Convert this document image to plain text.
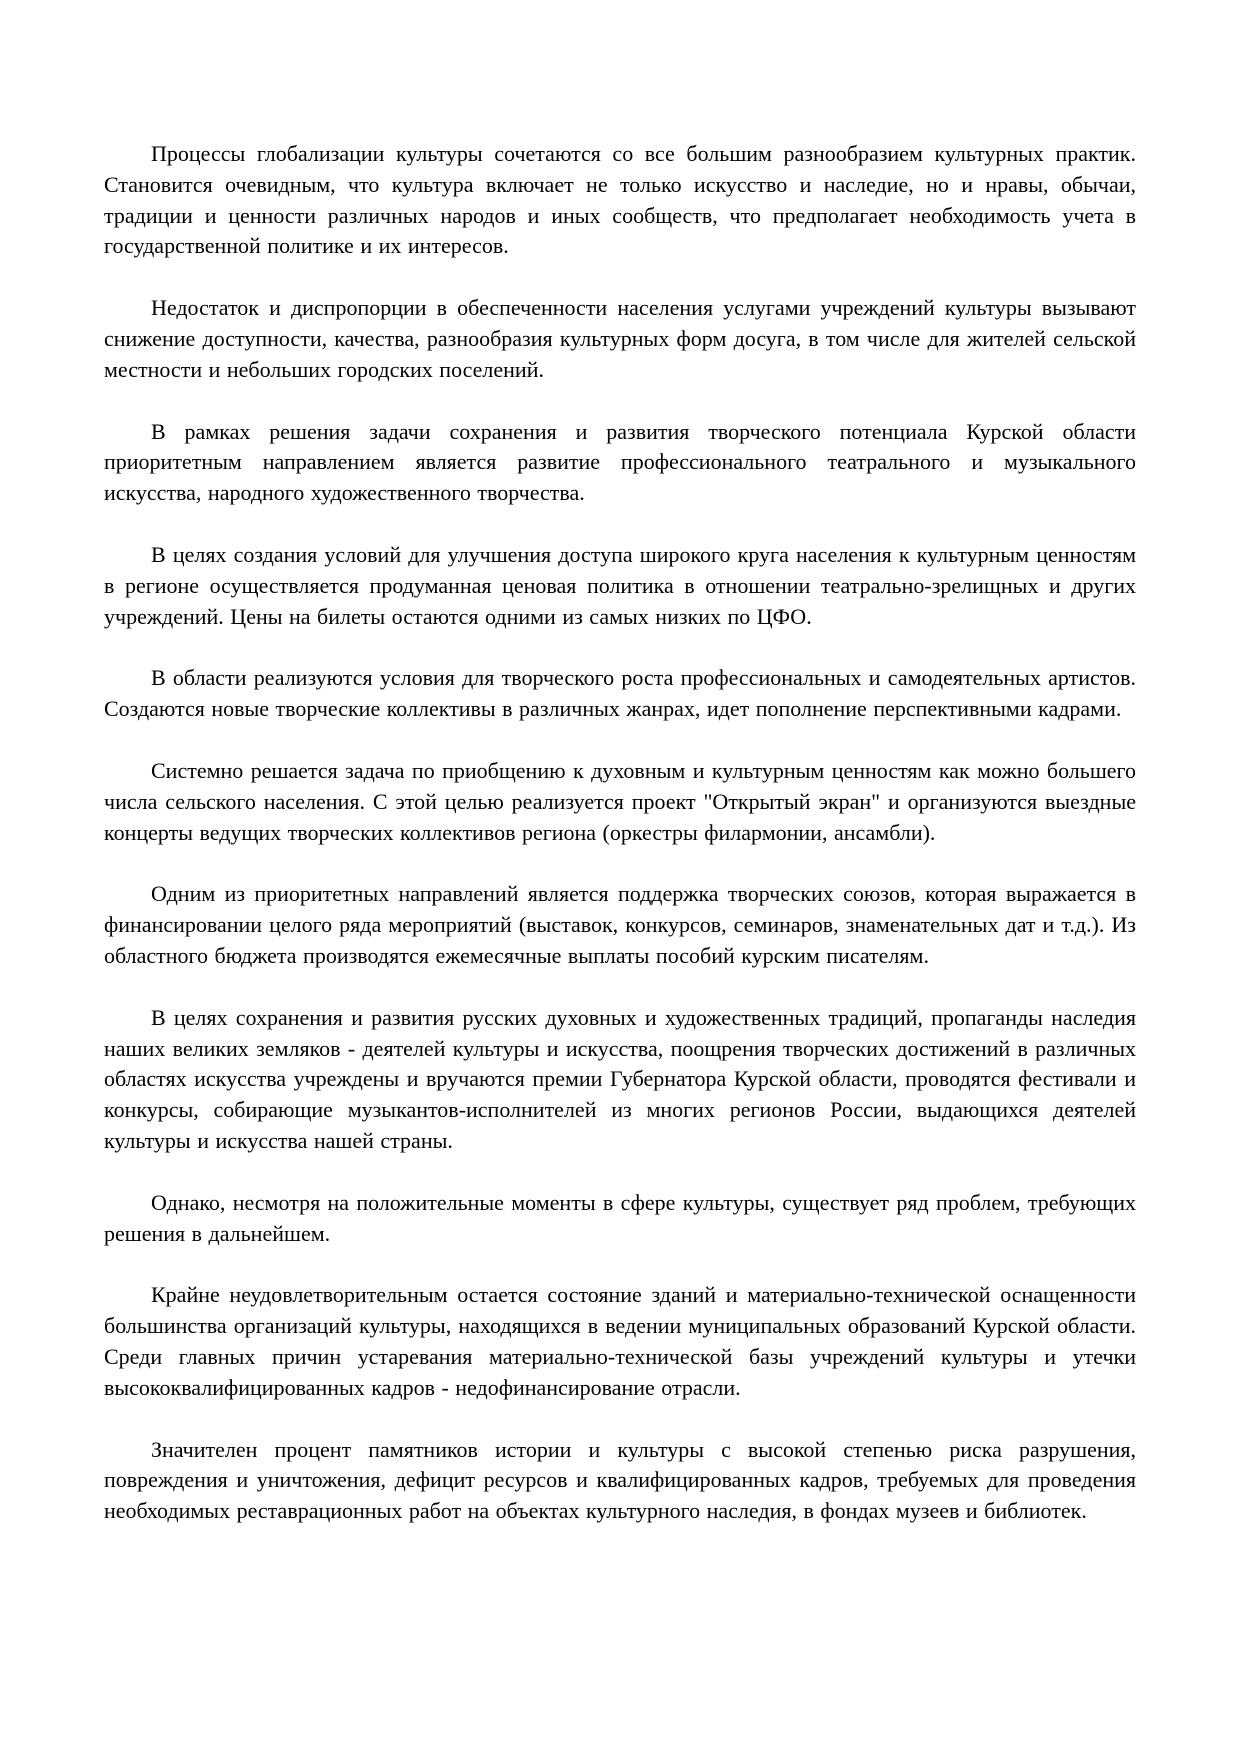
Процессы глобализации культуры сочетаются со все большим разнообразием культурных практик. Становится очевидным, что культура включает не только искусство и наследие, но и нравы, обычаи, традиции и ценности различных народов и иных сообществ, что предполагает необходимость учета в государственной политике и их интересов.

Недостаток и диспропорции в обеспеченности населения услугами учреждений культуры вызывают снижение доступности, качества, разнообразия культурных форм досуга, в том числе для жителей сельской местности и небольших городских поселений.

В рамках решения задачи сохранения и развития творческого потенциала Курской области приоритетным направлением является развитие профессионального театрального и музыкального искусства, народного художественного творчества.

В целях создания условий для улучшения доступа широкого круга населения к культурным ценностям в регионе осуществляется продуманная ценовая политика в отношении театрально-зрелищных и других учреждений. Цены на билеты остаются одними из самых низких по ЦФО.

В области реализуются условия для творческого роста профессиональных и самодеятельных артистов. Создаются новые творческие коллективы в различных жанрах, идет пополнение перспективными кадрами.

Системно решается задача по приобщению к духовным и культурным ценностям как можно большего числа сельского населения. С этой целью реализуется проект "Открытый экран" и организуются выездные концерты ведущих творческих коллективов региона (оркестры филармонии, ансамбли).

Одним из приоритетных направлений является поддержка творческих союзов, которая выражается в финансировании целого ряда мероприятий (выставок, конкурсов, семинаров, знаменательных дат и т.д.). Из областного бюджета производятся ежемесячные выплаты пособий курским писателям.

В целях сохранения и развития русских духовных и художественных традиций, пропаганды наследия наших великих земляков - деятелей культуры и искусства, поощрения творческих достижений в различных областях искусства учреждены и вручаются премии Губернатора Курской области, проводятся фестивали и конкурсы, собирающие музыкантов-исполнителей из многих регионов России, выдающихся деятелей культуры и искусства нашей страны.

Однако, несмотря на положительные моменты в сфере культуры, существует ряд проблем, требующих решения в дальнейшем.

Крайне неудовлетворительным остается состояние зданий и материально-технической оснащенности большинства организаций культуры, находящихся в ведении муниципальных образований Курской области. Среди главных причин устаревания материально-технической базы учреждений культуры и утечки высококвалифицированных кадров - недофинансирование отрасли.

Значителен процент памятников истории и культуры с высокой степенью риска разрушения, повреждения и уничтожения, дефицит ресурсов и квалифицированных кадров, требуемых для проведения необходимых реставрационных работ на объектах культурного наследия, в фондах музеев и библиотек.
